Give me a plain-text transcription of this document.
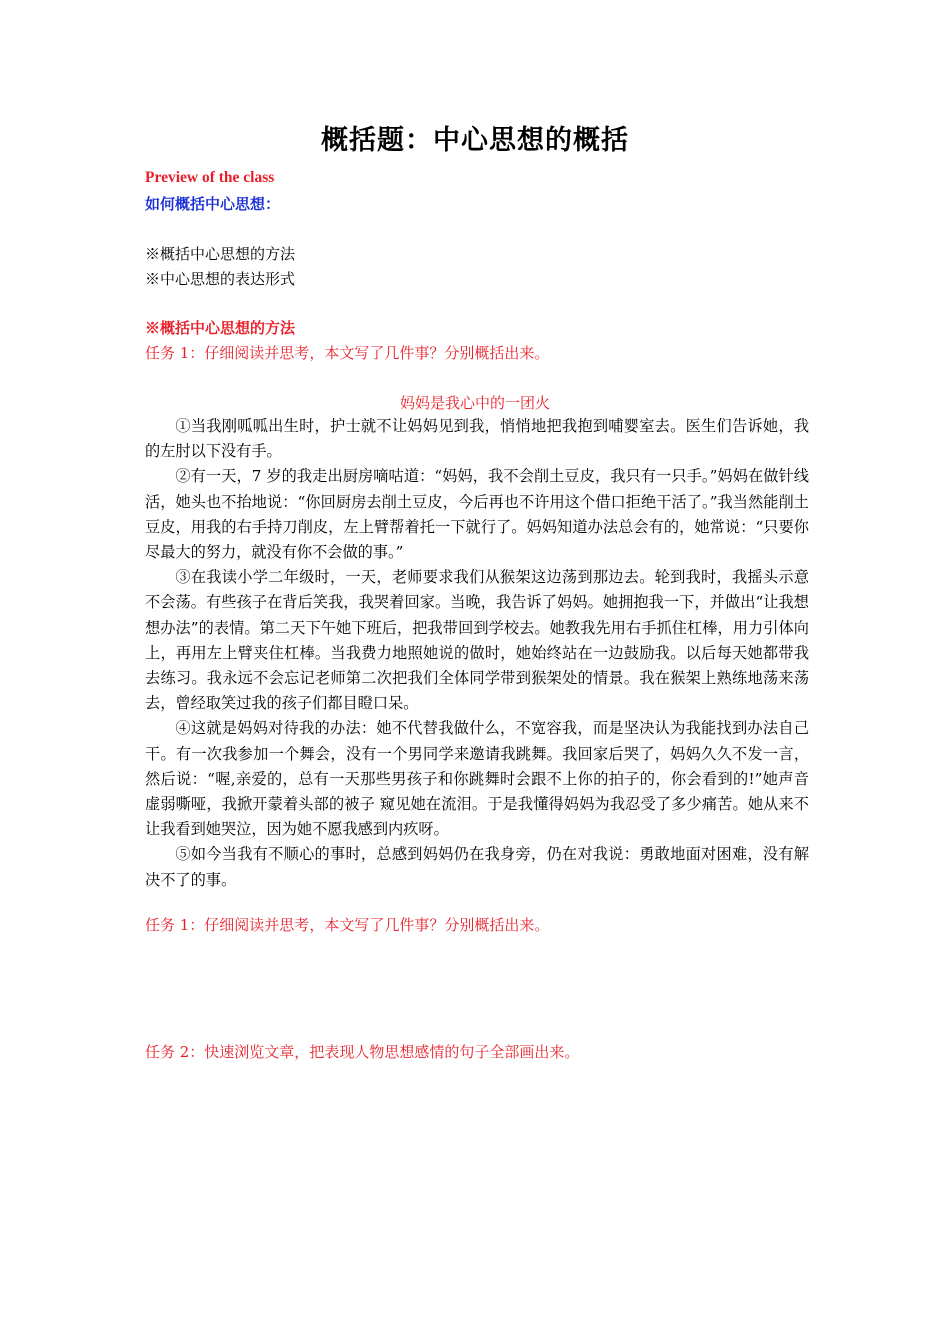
概括题：中心思想的概括
Preview of the class
如何概括中心思想：
※概括中心思想的方法
※中心思想的表达形式
※概括中心思想的方法
任务 1：仔细阅读并思考，本文写了几件事？分别概括出来。
妈妈是我心中的一团火

①当我刚呱呱出生时，护士就不让妈妈见到我，悄悄地把我抱到哺婴室去。医生们告诉她，我的左肘以下没有手。

②有一天，7 岁的我走出厨房嘀咕道：“妈妈，我不会削土豆皮，我只有一只手。”妈妈在做针线活，她头也不抬地说：“你回厨房去削土豆皮，今后再也不许用这个借口拒绝干活了。”我当然能削土豆皮，用我的右手持刀削皮，左上臂帮着托一下就行了。妈妈知道办法总会有的，她常说：“只要你尽最大的努力，就没有你不会做的事。”

③在我读小学二年级时，一天，老师要求我们从猴架这边荡到那边去。轮到我时，我摇头示意不会荡。有些孩子在背后笑我，我哭着回家。当晚，我告诉了妈妈。她拥抱我一下，并做出“让我想想办法”的表情。第二天下午她下班后，把我带回到学校去。她教我先用右手抓住杠棒，用力引体向上，再用左上臂夹住杠棒。当我费力地照她说的做时，她始终站在一边鼓励我。以后每天她都带我去练习。我永远不会忘记老师第二次把我们全体同学带到猴架处的情景。我在猴架上熟练地荡来荡去，曾经取笑过我的孩子们都目瞪口呆。

④这就是妈妈对待我的办法：她不代替我做什么，不宽容我，而是坚决认为我能找到办法自己干。有一次我参加一个舞会，没有一个男同学来邀请我跳舞。我回家后哭了，妈妈久久不发一言，然后说：“喔,亲爱的，总有一天那些男孩子和你跳舞时会跟不上你的拍子的，你会看到的!”她声音虚弱嘶哑，我掀开蒙着头部的被子 窥见她在流泪。于是我懂得妈妈为我忍受了多少痛苦。她从来不让我看到她哭泣，因为她不愿我感到内疚呀。

⑤如今当我有不顺心的事时，总感到妈妈仍在我身旁，仍在对我说：勇敢地面对困难，没有解决不了的事。

任务 1：仔细阅读并思考，本文写了几件事？分别概括出来。
任务 2：快速浏览文章，把表现人物思想感情的句子全部画出来。
